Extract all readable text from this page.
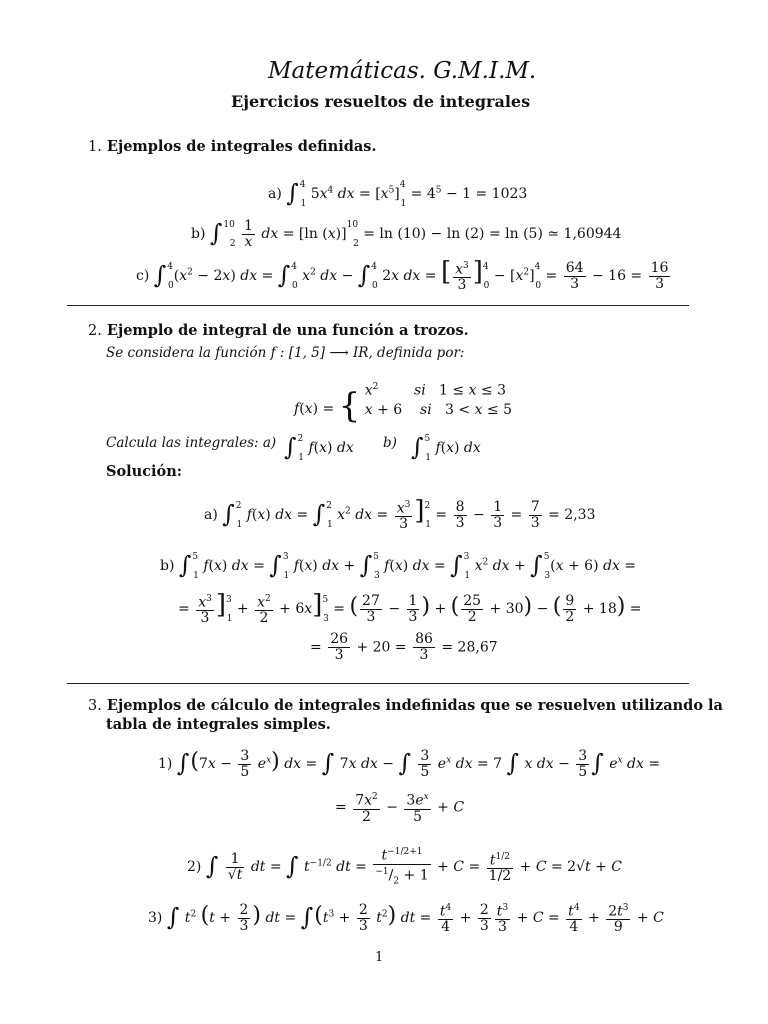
Matemáticas. G.M.I.M.
Ejercicios resueltos de integrales
1. Ejemplos de integrales definidas.
a) ∫$^4_1$ $5x^4$ dx = $[x^5]^4_1 = 4^5 - 1 = 1023$
b) $\int^{10}_2 \frac{1}{x}$ dx = [ln (x)]$^{10}_2$ = ln (10) − ln (2) = ln (5) ≃ 1,60944
c) $\int^4_0(x^2 - 2x)$ dx = ∫$^4_0$ $x^2$ dx − ∫$^4_0$ 2x dx = [ $\frac{x^3}{3} ]^4_0 - [x^2]^4_0 = \frac{64}{3} - 16 = \frac{16}{3}$
2. Ejemplo de integral de una función a trozos.
Se considera la función f : [1, 5] ⟶ IR, definida por:
f(x) = { $x^2$	si   1 ≤ x ≤ 3
x + 6    si   3 < x ≤ 5
Calcula las integrales: a) ∫$^2_1$ f(x) dx b) ∫$^5_1$ f(x) dx
Solución:
a) ∫$^2_1$ f(x) dx = ∫$^2_1$ $x^2$ dx = $\frac{x^3}{3} ]^2_1 = \frac{8}{3} - \frac{1}{3} = \frac{7}{3} = 2,33$
b) ∫$^5_1$ f(x) dx = ∫$^3_1$ f(x) dx + ∫$^5_3$ f(x) dx = ∫$^3_1$ $x^2$ dx + ∫$^5_3$(x + 6) dx =
= $\frac{x^3}{3} ]^3_1 + \frac{x^2}{2} + 6x]^5_3$ = ( $\frac{27}{3} - \frac{1}{3}$ ) + ( $\frac{25}{2} + 30$) − ( $\frac{9}{2} + 18$) =
= $\frac{26}{3} + 20 = \frac{86}{3} = 28,67$
3. Ejemplos de cálculo de integrales indefinidas que se resuelven utilizando la
tabla de integrales simples.
1) $\int(7x - \frac{3}{5} e^x)$ dx = ∫ 7x dx − ∫ $\frac{3}{5} e^x$ dx = 7 ∫ x dx − $\frac{3}{5}$ ∫ $e^x$ dx =
= $\frac{7x^2}{2} - \frac{3e^x}{5} + C$
2) ∫ $\frac{1}{√t}$ dt = ∫ $t^{-1/2}$ dt = $\frac{t^{-1/2+1}}{^{-1}/_2 + 1} + C = \frac{t^{1/2}}{1/2} + C = 2√t + C$
3) ∫ $t^2$ ($t + \frac{2}{3}$ ) dt = $\int(t^3 + \frac{2}{3} t^2)$ dt = $\frac{t^4}{4} + \frac{2}{3} \frac{t^3}{3} + C = \frac{t^4}{4} + \frac{2t^3}{9} + C$
1
